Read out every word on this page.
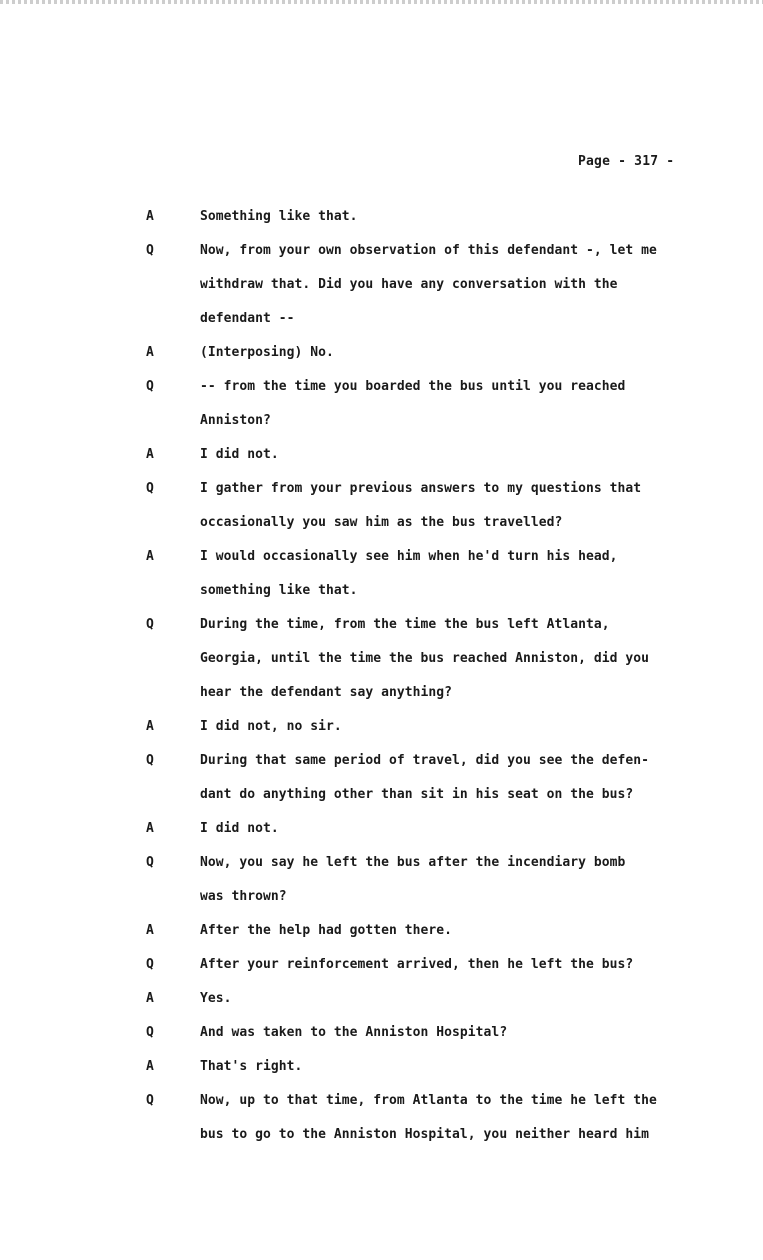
Page - 317 -
A	Something like that.
Q	Now, from your own observation of this defendant -, let me
withdraw that. Did you have any conversation with the
defendant --
A	(Interposing) No.
Q	-- from the time you boarded the bus until you reached
Anniston?
A	I did not.
Q	I gather from your previous answers to my questions that
occasionally you saw him as the bus travelled?
A	I would occasionally see him when he'd turn his head,
something like that.
Q	During the time, from the time the bus left Atlanta,
Georgia, until the time the bus reached Anniston, did you
hear the defendant say anything?
A	I did not, no sir.
Q	During that same period of travel, did you see the defen-
dant do anything other than sit in his seat on the bus?
A	I did not.
Q	Now, you say he left the bus after the incendiary bomb
was thrown?
A	After the help had gotten there.
Q	After your reinforcement arrived, then he left the bus?
A	Yes.
Q	And was taken to the Anniston Hospital?
A	That's right.
Q	Now, up to that time, from Atlanta to the time he left the
bus to go to the Anniston Hospital, you neither heard him
